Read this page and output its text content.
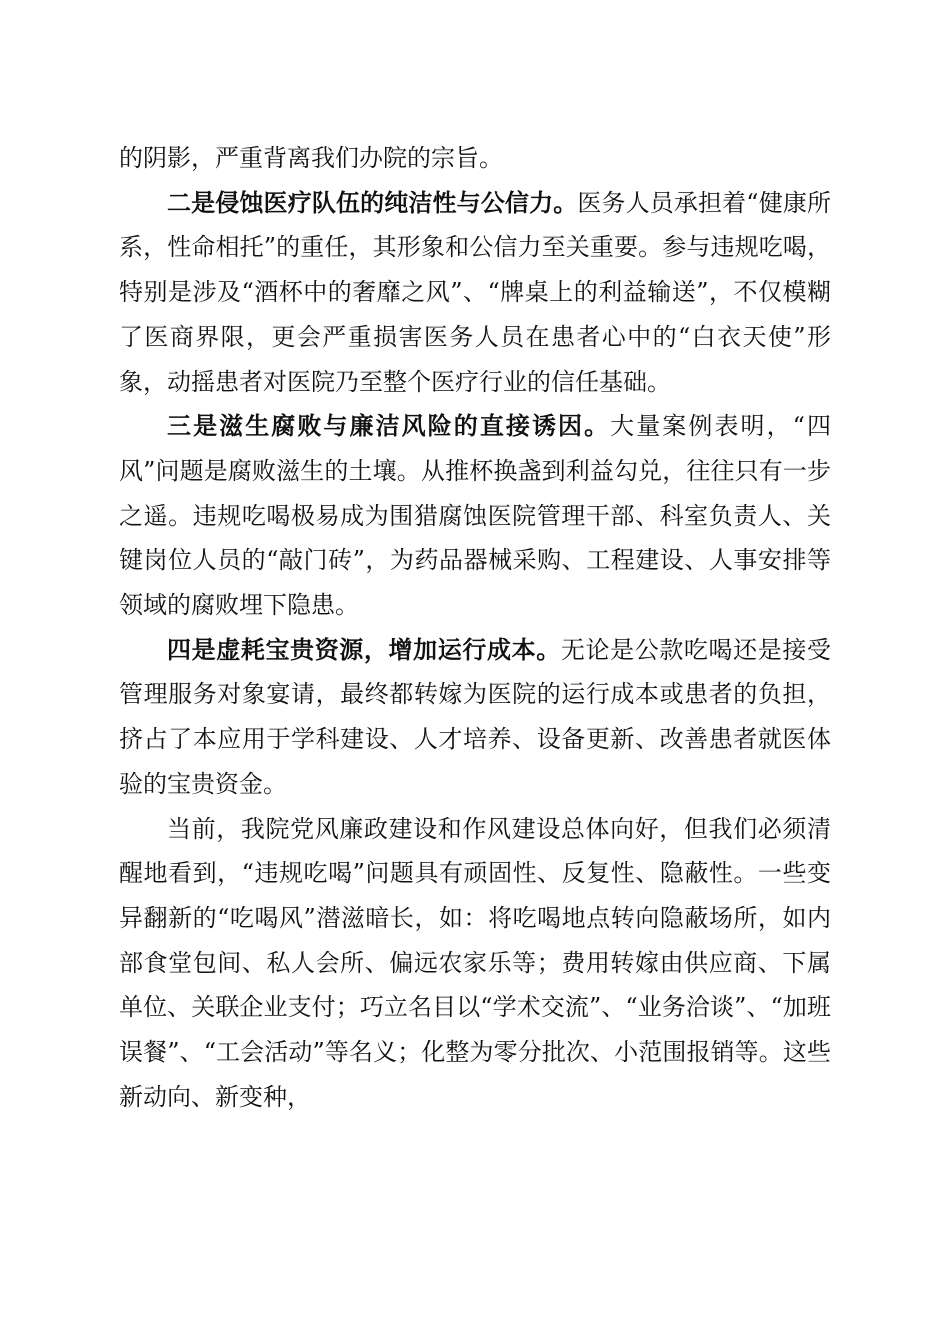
的阴影，严重背离我们办院的宗旨。

二是侵蚀医疗队伍的纯洁性与公信力。医务人员承担着“健康所系，性命相托”的重任，其形象和公信力至关重要。参与违规吃喝，特别是涉及“酒杯中的奢靡之风”、“牌桌上的利益输送”，不仅模糊了医商界限，更会严重损害医务人员在患者心中的“白衣天使”形象，动摇患者对医院乃至整个医疗行业的信任基础。

三是滋生腐败与廉洁风险的直接诱因。大量案例表明，“四风”问题是腐败滋生的土壤。从推杯换盏到利益勾兑，往往只有一步之遥。违规吃喝极易成为围猎腐蚀医院管理干部、科室负责人、关键岗位人员的“敲门砖”，为药品器械采购、工程建设、人事安排等领域的腐败埋下隐患。

四是虚耗宝贵资源，增加运行成本。无论是公款吃喝还是接受管理服务对象宴请，最终都转嫁为医院的运行成本或患者的负担，挤占了本应用于学科建设、人才培养、设备更新、改善患者就医体验的宝贵资金。

当前，我院党风廉政建设和作风建设总体向好，但我们必须清醒地看到，“违规吃喝”问题具有顽固性、反复性、隐蔽性。一些变异翻新的“吃喝风”潜滋暗长，如：将吃喝地点转向隐蔽场所，如内部食堂包间、私人会所、偏远农家乐等；费用转嫁由供应商、下属单位、关联企业支付；巧立名目以“学术交流”、“业务洽谈”、“加班误餐”、“工会活动”等名义；化整为零分批次、小范围报销等。这些新动向、新变种，
